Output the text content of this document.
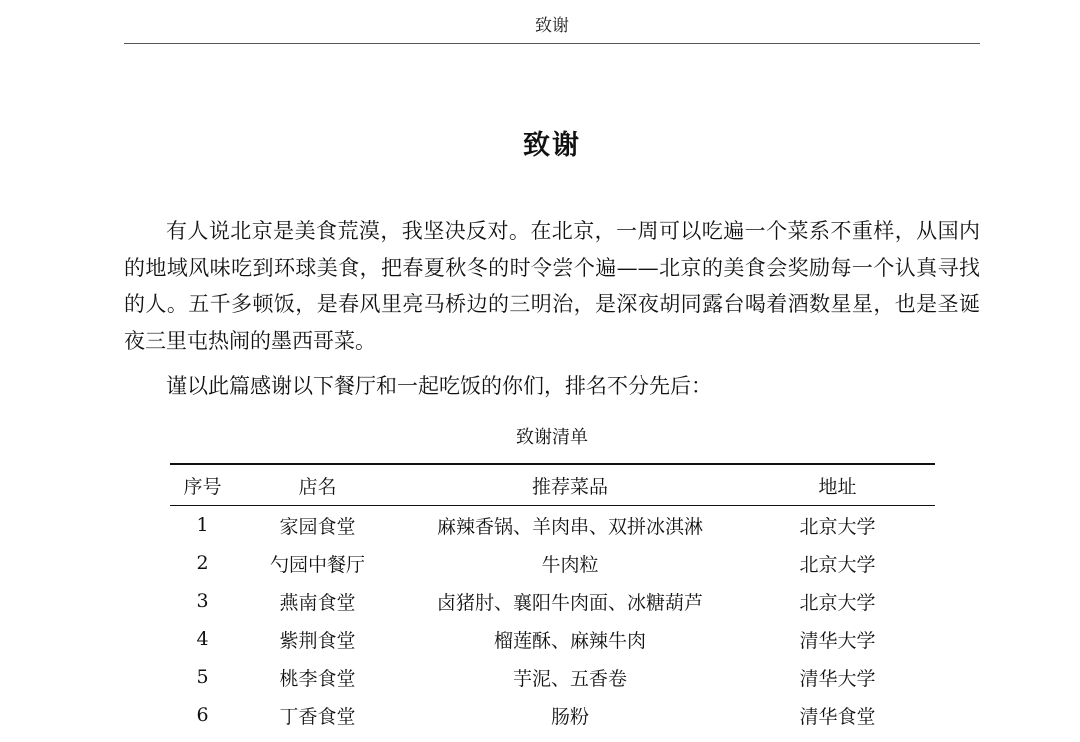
致谢
致谢

有人说北京是美食荒漠，我坚决反对。在北京，一周可以吃遍一个菜系不重样，从国内的地域风味吃到环球美食，把春夏秋冬的时令尝个遍——北京的美食会奖励每一个认真寻找的人。五千多顿饭，是春风里亮马桥边的三明治，是深夜胡同露台喝着酒数星星，也是圣诞夜三里屯热闹的墨西哥菜。

谨以此篇感谢以下餐厅和一起吃饭的你们，排名不分先后：

致谢清单
序号	店名	推荐菜品	地址
1	家园食堂	麻辣香锅、羊肉串、双拼冰淇淋	北京大学
2	勺园中餐厅	牛肉粒	北京大学
3	燕南食堂	卤猪肘、襄阳牛肉面、冰糖葫芦	北京大学
4	紫荆食堂	榴莲酥、麻辣牛肉	清华大学
5	桃李食堂	芋泥、五香卷	清华大学
6	丁香食堂	肠粉	清华食堂
